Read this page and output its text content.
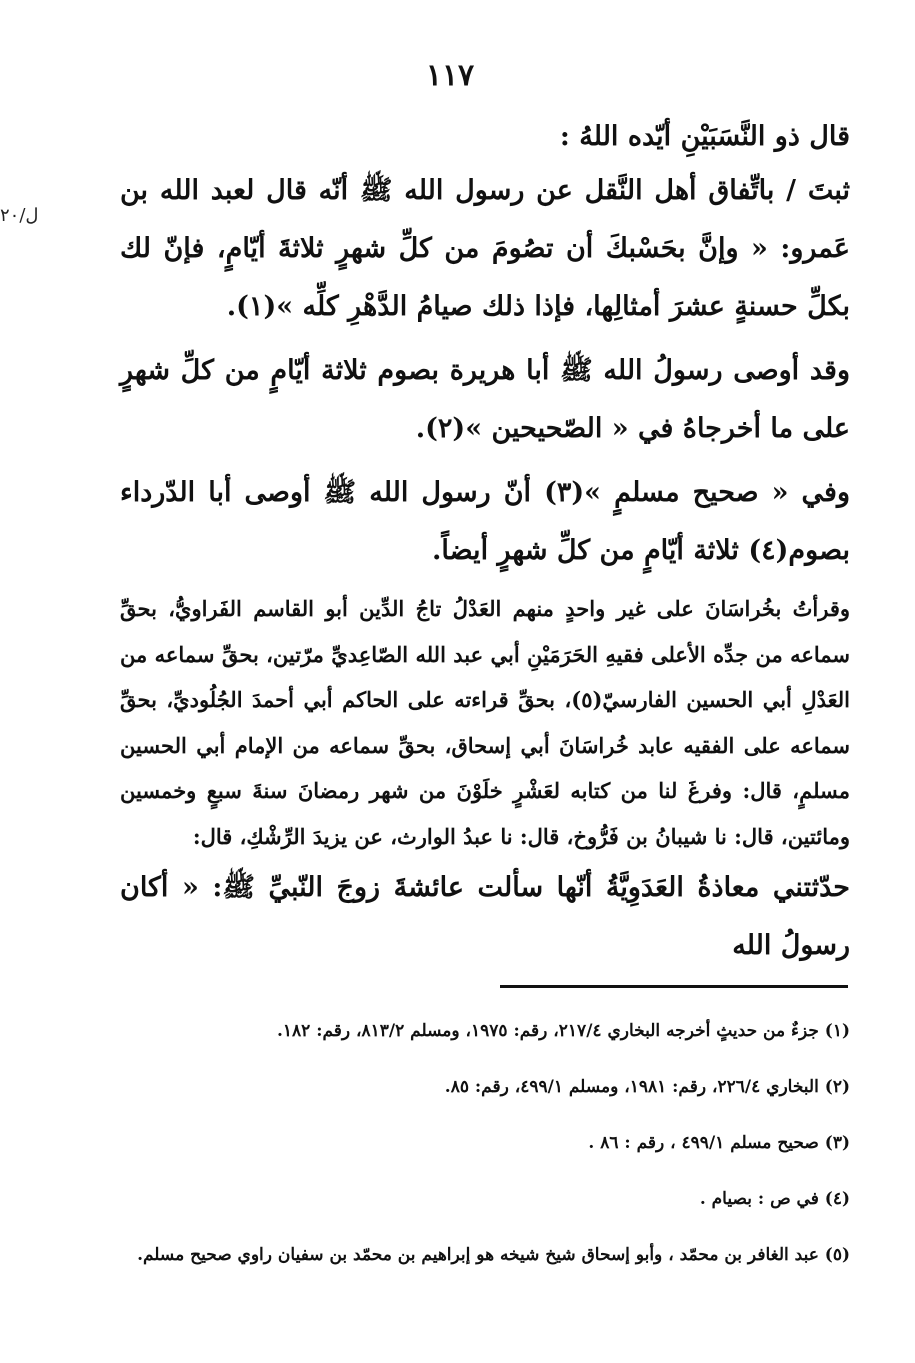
١١٧
ل/٢٠

قال ذو النَّسَبَيْنِ أيّده اللهُ :

ثبتَ / باتِّفاق أهل النَّقل عن رسول الله ﷺ أنّه قال لعبد الله بن عَمرو: « وإنَّ بحَسْبكَ أن تصُومَ من كلِّ شهرٍ ثلاثةَ أيّامٍ، فإنّ لك بكلِّ حسنةٍ عشرَ أمثالِها، فإذا ذلك صيامُ الدَّهْرِ كلِّه »(١).

وقد أوصى رسولُ الله ﷺ أبا هريرة بصوم ثلاثة أيّامٍ من كلِّ شهرٍ على ما أخرجاهُ في « الصّحيحين »(٢).

وفي « صحيح مسلمٍ »(٣) أنّ رسول الله ﷺ أوصى أبا الدّرداء بصوم(٤) ثلاثة أيّامٍ من كلِّ شهرٍ أيضاً.

وقرأتُ بخُراسَانَ على غير واحدٍ منهم العَدْلُ تاجُ الدِّين أبو القاسم الفَراويُّ، بحقِّ سماعه من جدِّه الأعلى فقيهِ الحَرَمَيْنِ أبي عبد الله الصّاعِديِّ مرّتين، بحقِّ سماعه من العَدْلِ أبي الحسين الفارسيّ(٥)، بحقِّ قراءته على الحاكم أبي أحمدَ الجُلُوديِّ، بحقِّ سماعه على الفقيه عابد خُراسَانَ أبي إسحاق، بحقِّ سماعه من الإمام أبي الحسين مسلمٍ، قال: وفرغَ لنا من كتابه لعَشْرٍ خلَوْنَ من شهر رمضانَ سنةَ سبعٍ وخمسين ومائتين، قال: نا شيبانُ بن فَرُّوخ، قال: نا عبدُ الوارث، عن يزيدَ الرِّشْكِ، قال:

حدّثتني معاذةُ العَدَوِيَّةُ أنّها سألت عائشةَ زوجَ النّبيِّ ﷺ: « أكان رسولُ الله

(١) جزءٌ من حديثٍ أخرجه البخاري ٢١٧/٤، رقم: ١٩٧٥، ومسلم ٨١٣/٢، رقم: ١٨٢.

(٢) البخاري ٢٢٦/٤، رقم: ١٩٨١، ومسلم ٤٩٩/١، رقم: ٨٥.

(٣) صحيح مسلم ٤٩٩/١ ، رقم : ٨٦ .

(٤) في ص : بصيام .

(٥) عبد الغافر بن محمّد ، وأبو إسحاق شيخ شيخه هو إبراهيم بن محمّد بن سفيان راوي صحيح مسلم.
